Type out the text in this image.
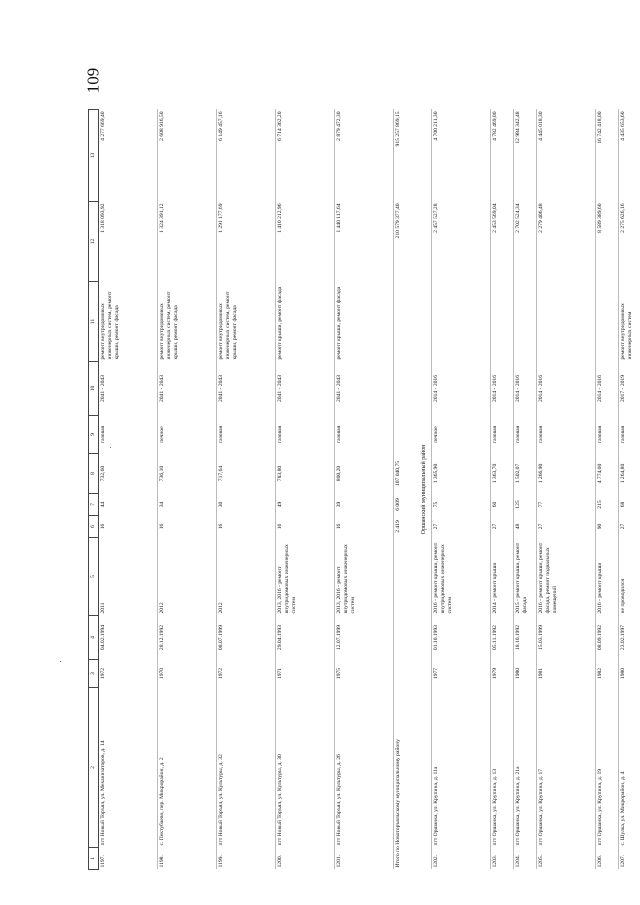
109
1	2	3	4	5	6	7	8	9	10	11	12	13
1197.	пгт Новый Торъял, ул. Механизаторов, д. 14	1972	04.02.1994	2011	16	44	732,60	газовая	2041 - 2043	ремонт внутридомовых инженерных систем, ремонт крыши, ремонт фасада	1 318 093,92	4 277 669,40
1198.	с. Пектубаево, пер. Микрорайон, д. 2	1970	28.12.1992	2012	16	34	736,10	печное	2041 - 2043	ремонт внутридомовых инженерных систем, ремонт крыши, ремонт фасада	1 324 391,12	2 608 916,50
1199.	пгт Новый Торъял, ул. Культуры, д. 32	1972	08.07.1999	2012	16	30	717,64	газовая	2041 - 2043	ремонт внутридомовых инженерных систем, ремонт крыши, ремонт фасада	1 291 177,69	6 149 457,16
1200.	пгт Новый Торъял, ул. Культуры, д. 30	1971	29.04.1993	2013, 2016 - ремонт внутридомовых инженерных систем	16	49	783,80	газовая	2041 - 2043	ремонт крыши, ремонт фасада	1 410 212,96	6 714 362,20
1201.	пгт Новый Торъял, ул. Культуры, д. 26	1975	12.07.1999	2013, 2016 - ремонт внутридомовых инженерных систем	16	39	800,20	газовая	2041 - 2043	ремонт крыши, ремонт фасада	1 440 117,64	2 879 472,30
Итого по Новоторъяльскому муниципальному району					2 419	6 009	107 040,75				210 579 377,40	915 257 869,15
Оршанский муниципальный район												
1202.	пгт Оршанка, ул. Крупина, д. 11а	1977	01.10.1993	2016 - ремонт крыши, ремонт внутридомовых инженерных систем	27	75	1 365,90	печное	2014 - 2016		2 457 527,28	4 700 211,30
1203.	пгт Оршанка, ул. Крупина, д. 13	1979	05.11.1992	2014 - ремонт крыши	27	60	1 363,70	газовая	2014 - 2016		2 453 569,04	4 782 469,00
1204.	пгт Оршанка, ул. Крупина, д. 21а	1980	18.10.1992	2015 - ремонт крыши, ремонт фасада	48	125	1 502,07	газовая	2014 - 2016		2 702 524,34	12 984 342,48
1205.	пгт Оршанка, ул. Крупина, д. 17	1981	15.03.1999	2016 - ремонт крыши, ремонт фасада, ремонт подвальных помещений	27	77	1 266,90	газовая	2014 - 2016		2 279 406,48	4 445 018,30
1206.	пгт Оршанка, ул. Крупина, д. 19	1982	08.09.1992	2016 - ремонт крыши	90	215	4 774,00	газовая	2014 - 2016		8 589 389,60	16 742 418,00
1207.	с. Шулка, ул. Микрорайон, д. 4	1980	23.02.1997	не проводился	27	68	1 264,80	газовая	2017 - 2019	ремонт внутридомовых инженерных систем	2 275 626,16	4 435 653,60
